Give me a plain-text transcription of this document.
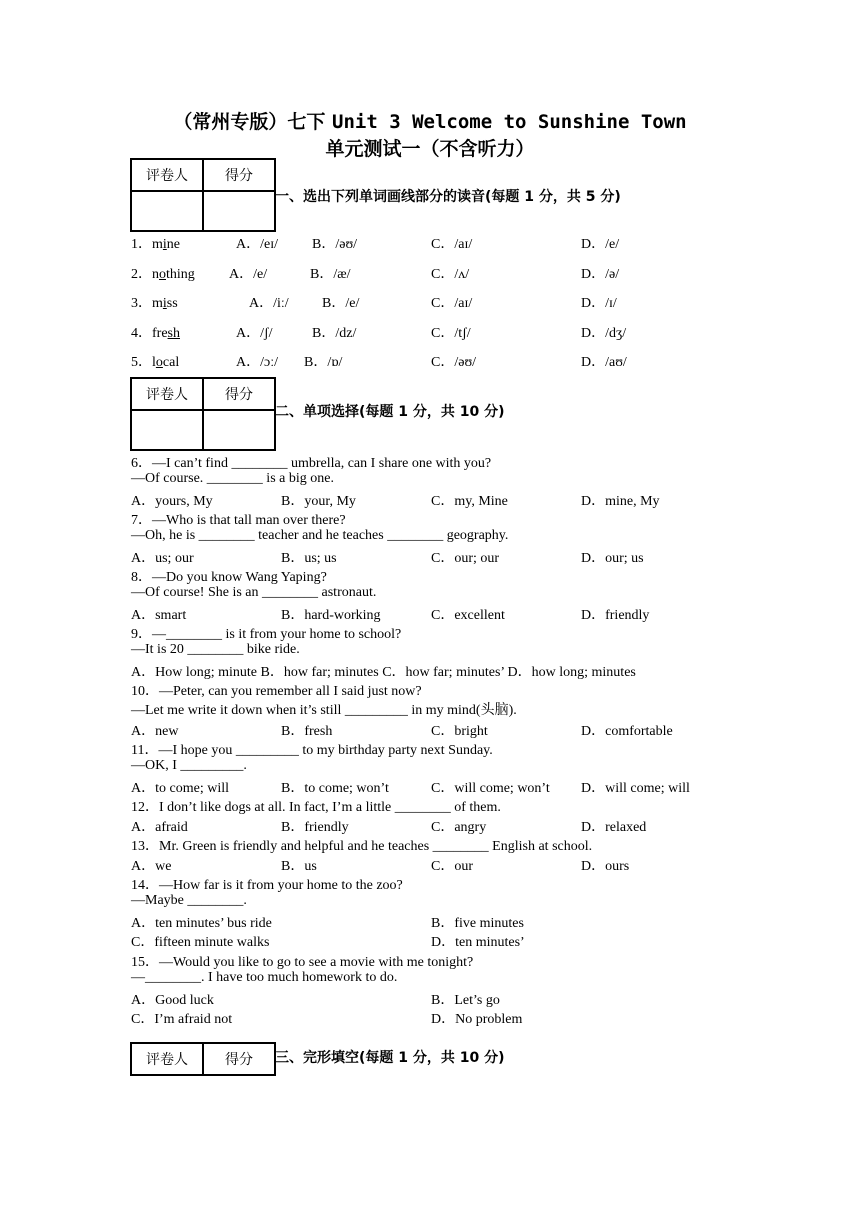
（常州专版）七下 Unit 3 Welcome to Sunshine Town
单元测试一（不含听力）
评卷人	得分

一、选出下列单词画线部分的读音(每题 1 分，共 5 分)
1．mine	A．/eɪ/ B．/əʊ/	C．/aɪ/	D．/e/
2．nothing A．/e/	B．/æ/	C．/ʌ/	D．/ə/
3．miss	A．/iː/ B．/e/	C．/aɪ/	D．/ɪ/
4．fresh	A．/ʃ/	B．/dz/	C．/tʃ/	D．/dʒ/
5．local	A．/ɔː/ B．/ɒ/	C．/əʊ/	D．/aʊ/
评卷人	得分

二、单项选择(每题 1 分，共 10 分)
6．—I can’t find ________ umbrella, can I share one with you?
—Of course. ________ is a big one.
A．yours, My	B．your, My	C．my, Mine	D．mine, My
7．—Who is that tall man over there?
—Oh, he is ________ teacher and he teaches ________ geography.
A．us; our	B．us; us	C．our; our	D．our; us
8．—Do you know Wang Yaping?
—Of course! She is an ________ astronaut.
A．smart	B．hard-working	C．excellent	D．friendly
9．—________ is it from your home to school?
—It is 20 ________ bike ride.
A．How long; minute B．how far; minutes C．how far; minutes’ D．how long; minutes
10．—Peter, can you remember all I said just now?
—Let me write it down when it’s still _________ in my mind(头脑).
A．new	B．fresh	C．bright	D．comfortable
11．—I hope you _________ to my birthday party next Sunday.
—OK, I _________.
A．to come; will	B．to come; won’t	C．will come; won’t D．will come; will
12．I don’t like dogs at all. In fact, I’m a little ________ of them.
A．afraid	B．friendly	C．angry	D．relaxed
13．Mr. Green is friendly and helpful and he teaches ________ English at school.
A．we	B．us	C．our	D．ours
14．—How far is it from your home to the zoo?
—Maybe ________.
A．ten minutes’ bus ride	B．five minutes
C．fifteen minute walks	D．ten minutes’
15．—Would you like to go to see a movie with me tonight?
—________. I have too much homework to do.
A．Good luck	B．Let’s go
C．I’m afraid not	D．No problem
评卷人	得分 三、完形填空(每题 1 分，共 10 分)
